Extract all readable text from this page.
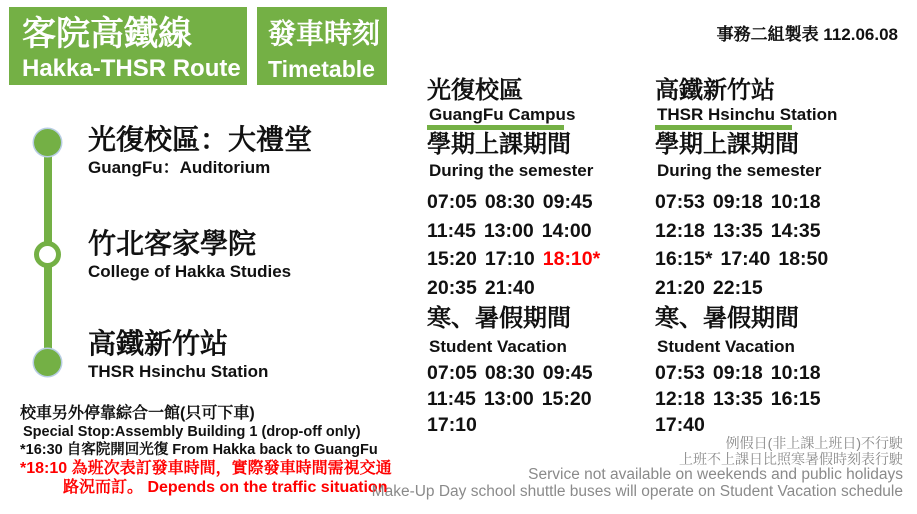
客院高鐵線
Hakka-THSR Route
發車時刻
Timetable
事務二組製表 112.06.08
光復校區：大禮堂
GuangFu：Auditorium
竹北客家學院
College of Hakka Studies
高鐵新竹站
THSR Hsinchu Station
光復校區
GuangFu Campus
學期上課期間
During the semester
07:05 08:30 09:45
11:45 13:00 14:00
15:20 17:10 18:10*
20:35 21:40
寒、暑假期間
Student Vacation
07:05 08:30 09:45
11:45 13:00 15:20
17:10
高鐵新竹站
THSR Hsinchu Station
學期上課期間
During the semester
07:53 09:18 10:18
12:18 13:35 14:35
16:15* 17:40 18:50
21:20 22:15
寒、暑假期間
Student Vacation
07:53 09:18 10:18
12:18 13:35 16:15
17:40
校車另外停靠綜合一館(只可下車)
Special Stop:Assembly Building 1 (drop-off only)
*16:30 自客院開回光復 From Hakka back to GuangFu
*18:10 為班次表訂發車時間，實際發車時間需視交通
路況而訂。 Depends on the traffic situation
例假日(非上課上班日)不行駛
上班不上課日比照寒暑假時刻表行駛
Service not available on weekends and public holidays
Make-Up Day school shuttle buses will operate on Student Vacation schedule
